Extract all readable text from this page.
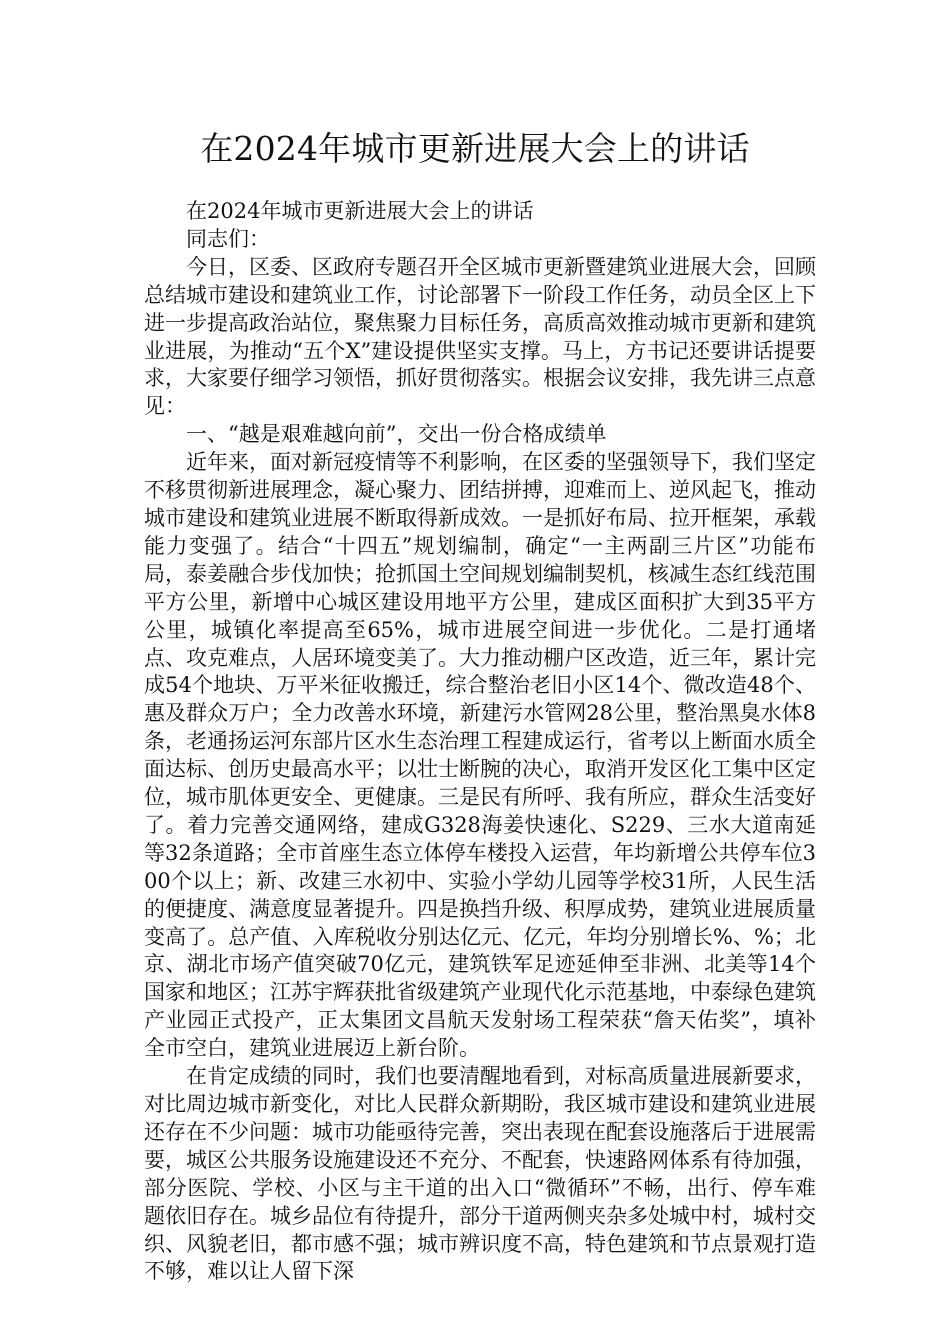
在2024年城市更新进展大会上的讲话

在2024年城市更新进展大会上的讲话

同志们：

今日，区委、区政府专题召开全区城市更新暨建筑业进展大会，回顾总结城市建设和建筑业工作，讨论部署下一阶段工作任务，动员全区上下进一步提高政治站位，聚焦聚力目标任务，高质高效推动城市更新和建筑业进展，为推动“五个X”建设提供坚实支撑。马上，方书记还要讲话提要求，大家要仔细学习领悟，抓好贯彻落实。根据会议安排，我先讲三点意见：

一、“越是艰难越向前”，交出一份合格成绩单

近年来，面对新冠疫情等不利影响，在区委的坚强领导下，我们坚定不移贯彻新进展理念，凝心聚力、团结拼搏，迎难而上、逆风起飞，推动城市建设和建筑业进展不断取得新成效。一是抓好布局、拉开框架，承载能力变强了。结合“十四五”规划编制，确定“一主两副三片区”功能布局，泰姜融合步伐加快；抢抓国土空间规划编制契机，核减生态红线范围平方公里，新增中心城区建设用地平方公里，建成区面积扩大到35平方公里，城镇化率提高至65%，城市进展空间进一步优化。二是打通堵点、攻克难点，人居环境变美了。大力推动棚户区改造，近三年，累计完成54个地块、万平米征收搬迁，综合整治老旧小区14个、微改造48个、惠及群众万户；全力改善水环境，新建污水管网28公里，整治黑臭水体8条，老通扬运河东部片区水生态治理工程建成运行，省考以上断面水质全面达标、创历史最高水平；以壮士断腕的决心，取消开发区化工集中区定位，城市肌体更安全、更健康。三是民有所呼、我有所应，群众生活变好了。着力完善交通网络，建成G328海姜快速化、S229、三水大道南延等32条道路；全市首座生态立体停车楼投入运营，年均新增公共停车位300个以上；新、改建三水初中、实验小学幼儿园等学校31所，人民生活的便捷度、满意度显著提升。四是换挡升级、积厚成势，建筑业进展质量变高了。总产值、入库税收分别达亿元、亿元，年均分别增长%、%；北京、湖北市场产值突破70亿元，建筑铁军足迹延伸至非洲、北美等14个国家和地区；江苏宇辉获批省级建筑产业现代化示范基地，中泰绿色建筑产业园正式投产，正太集团文昌航天发射场工程荣获“詹天佑奖”，填补全市空白，建筑业进展迈上新台阶。

在肯定成绩的同时，我们也要清醒地看到，对标高质量进展新要求，对比周边城市新变化，对比人民群众新期盼，我区城市建设和建筑业进展还存在不少问题：城市功能亟待完善，突出表现在配套设施落后于进展需要，城区公共服务设施建设还不充分、不配套，快速路网体系有待加强，部分医院、学校、小区与主干道的出入口“微循环”不畅，出行、停车难题依旧存在。城乡品位有待提升，部分干道两侧夹杂多处城中村，城村交织、风貌老旧，都市感不强；城市辨识度不高，特色建筑和节点景观打造不够，难以让人留下深
